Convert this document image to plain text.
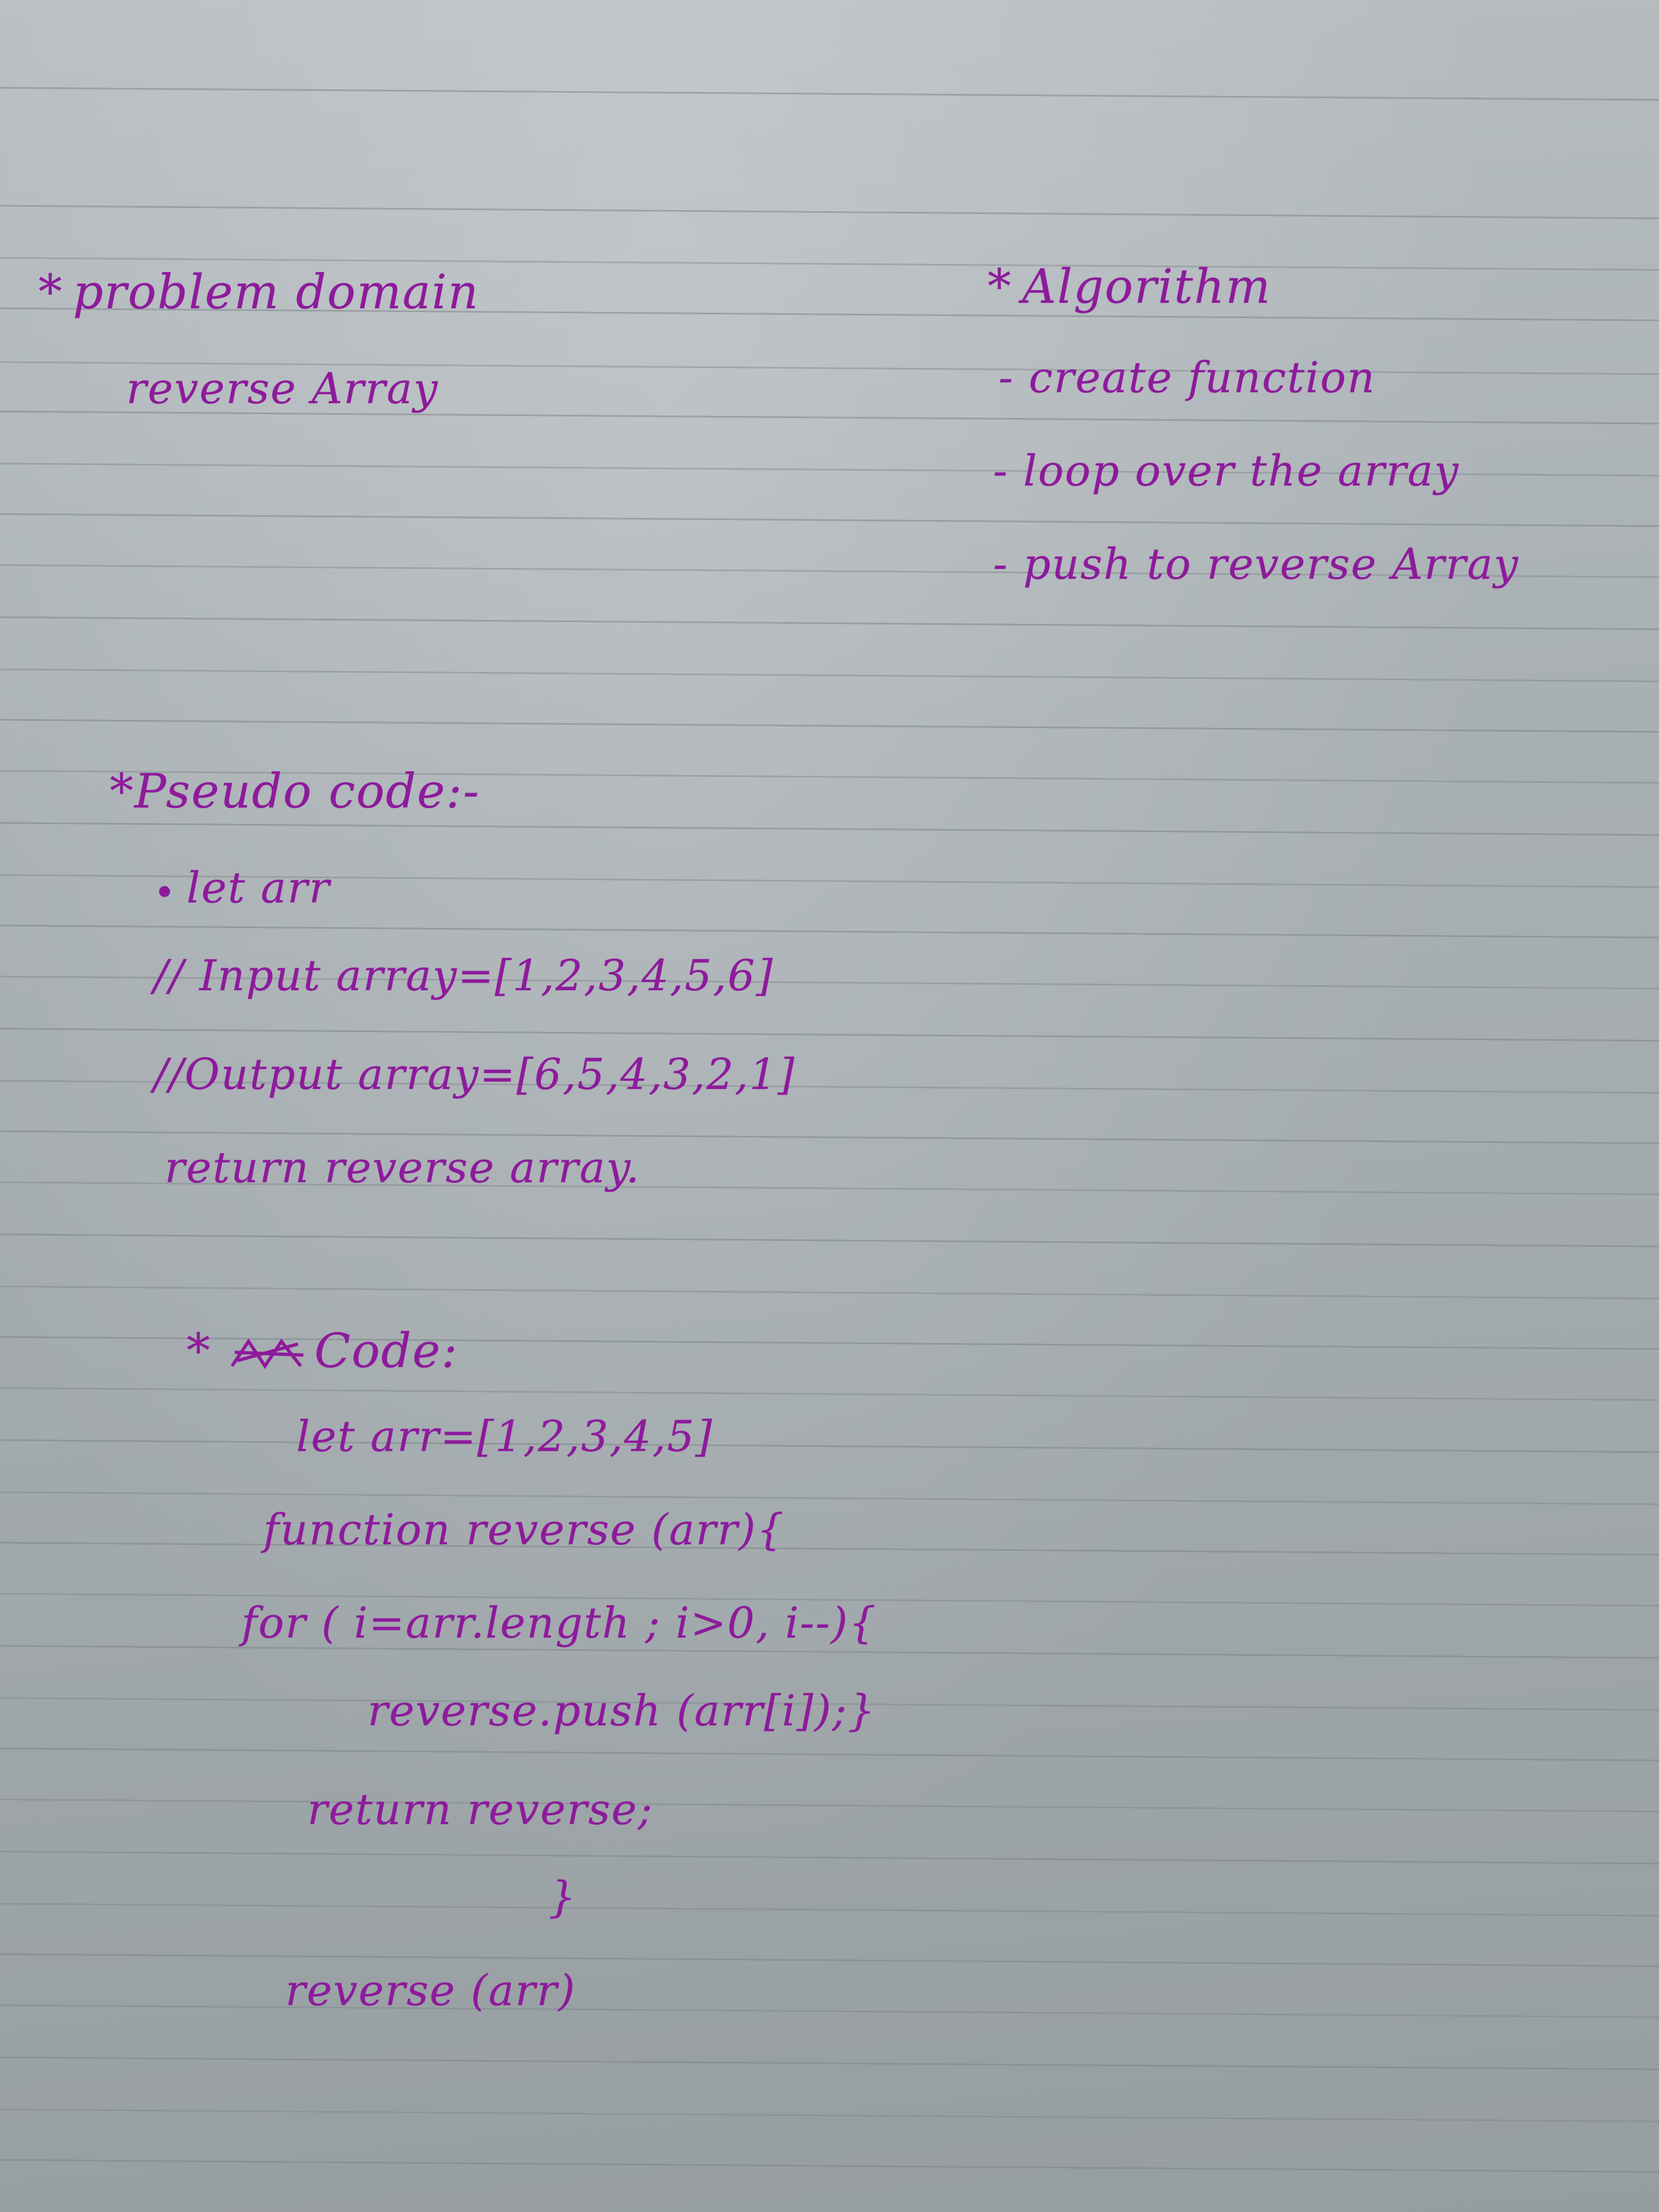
* problem domain
reverse Array
* Algorithm
- create function
- loop over the array
- push to reverse Array
*Pseudo code:-
let arr
// Input array=[1,2,3,4,5,6]
//Output array=[6,5,4,3,2,1]
return reverse array.
* Code:
let arr=[1,2,3,4,5]
function reverse (arr){
for ( i=arr.length ; i>0, i--){
reverse.push (arr[i]);}
return reverse;
}
reverse (arr)
